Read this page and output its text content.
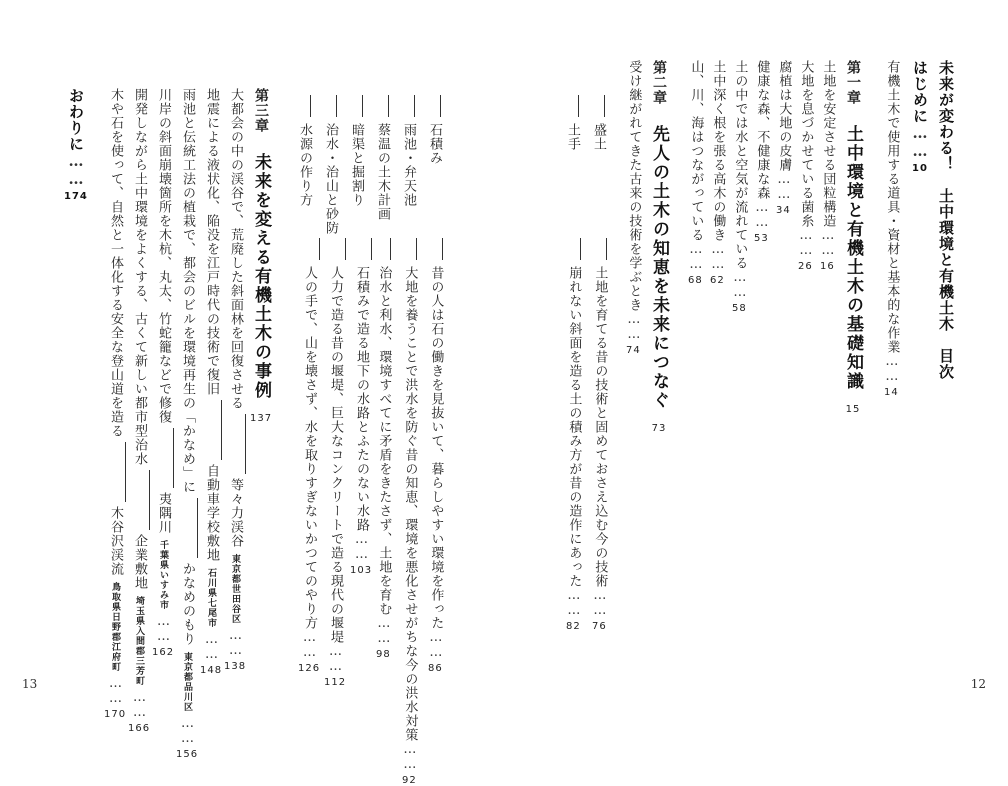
未来が変わる！　土中環境と有機土木　目次
はじめに……10
有機土木で使用する道具・資材と基本的な作業……14
第一章土中環境と有機土木の基礎知識15
土地を安定させる団粒構造……16
大地を息づかせている菌糸……26
腐植は大地の皮膚……34
健康な森、不健康な森……53
土の中では水と空気が流れている……58
土中深く根を張る高木の働き……62
山、川、海はつながっている……68
第二章先人の土木の知恵を未来につなぐ73
受け継がれてきた古来の技術を学ぶとき……74
盛土
土地を育てる昔の技術と固めておさえ込む今の技術……76
土手
崩れない斜面を造る土の積み方が昔の造作にあった……82
12
石積み
昔の人は石の働きを見抜いて、暮らしやすい環境を作った……86
雨池・弁天池
大地を養うことで洪水を防ぐ昔の知恵、環境を悪化させがちな今の洪水対策……92
蔡温の土木計画
治水と利水、環境すべてに矛盾をきたさず、土地を育む……98
暗渠と掘割り
石積みで造る地下の水路とふたのない水路……103
治水・治山と砂防
人力で造る昔の堰堤、巨大なコンクリートで造る現代の堰堤……112
水源の作り方
人の手で、山を壊さず、水を取りすぎないかつてのやり方……126
第三章未来を変える有機土木の事例137
大都会の中の渓谷で、荒廃した斜面林を回復させる等々力渓谷東京都世田谷区……138
地震による液状化、陥没を江戸時代の技術で復旧自動車学校敷地石川県七尾市……148
雨池と伝統工法の植栽で、都会のビルを環境再生の「かなめ」にかなめのもり東京都品川区……156
川岸の斜面崩壊箇所を木杭、丸太、竹蛇籠などで修復夷隅川千葉県いすみ市……162
開発しながら土中環境をよくする、古くて新しい都市型治水企業敷地埼玉県入間郡三芳町……166
木や石を使って、自然と一体化する安全な登山道を造る木谷沢渓流鳥取県日野郡江府町……170
おわりに……174
13
